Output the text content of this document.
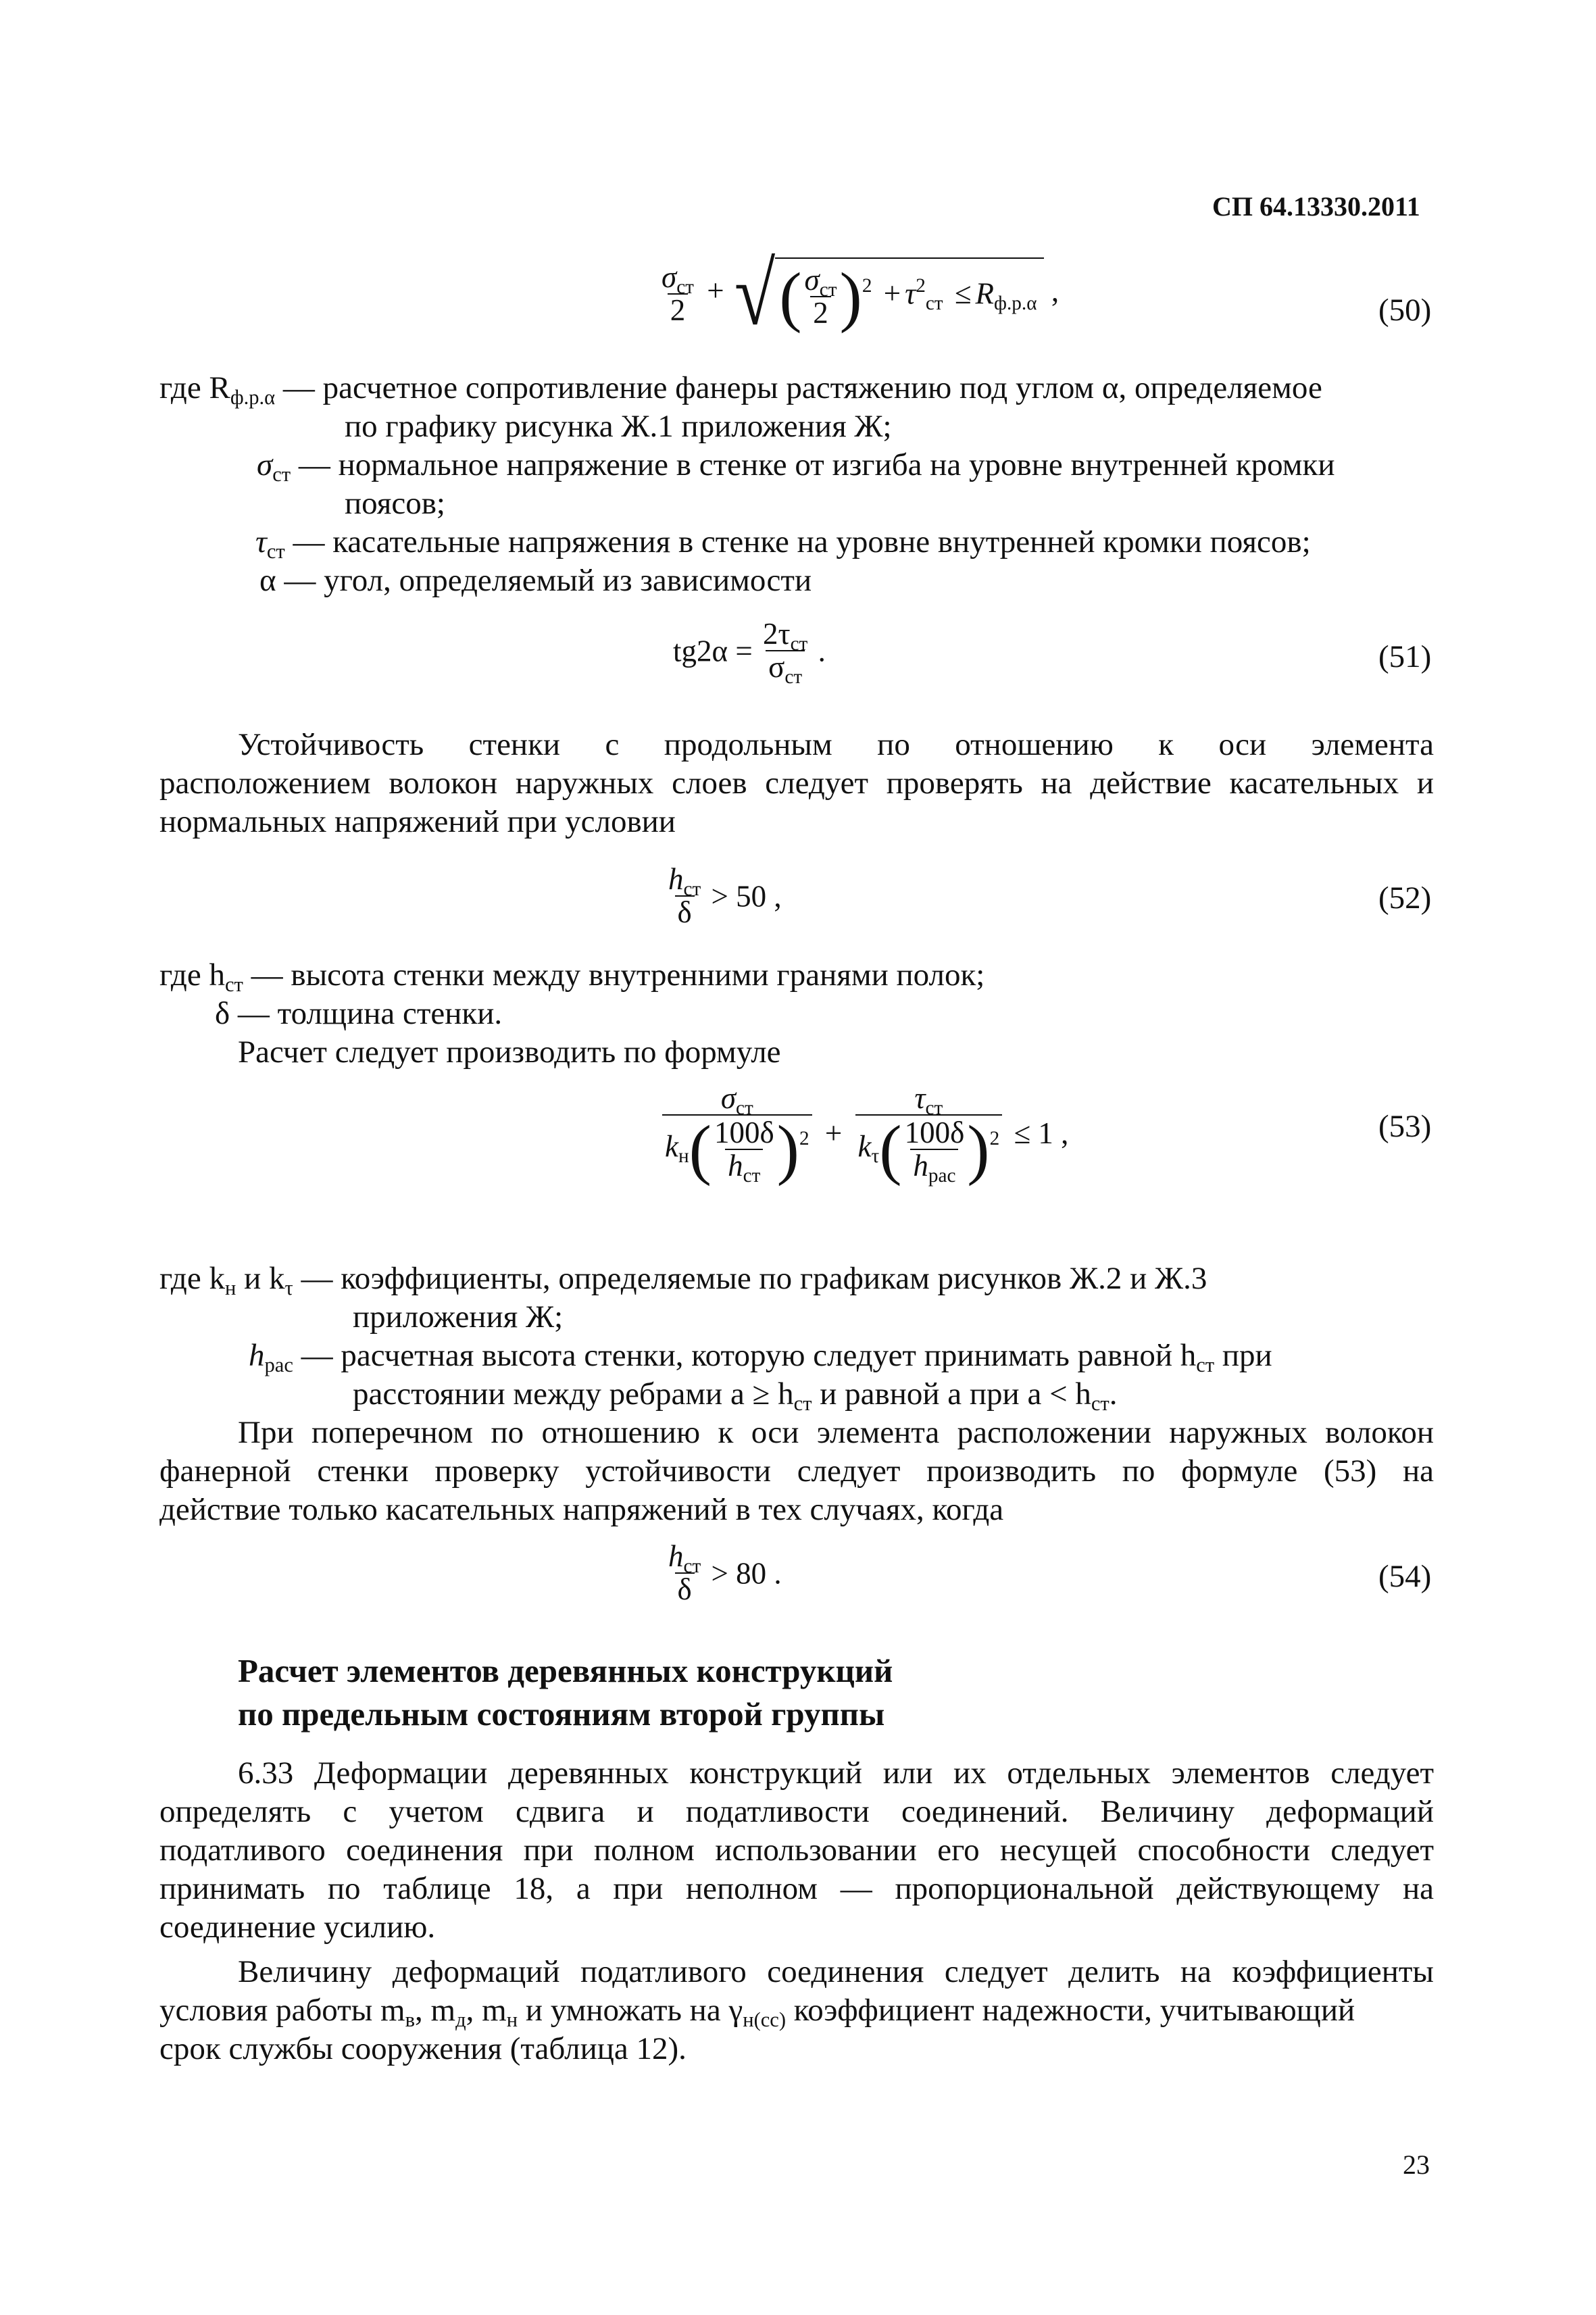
СП 64.13330.2011
$\frac{\sigma_{ст}}{2}$ + √( $\frac{\sigma_{ст}}{2} )^2 + \tau^2_{ст} \le R_{ф.р.\alpha}$ ,
(50)
где $R_{ф.р.\alpha}$ — расчетное сопротивление фанеры растяжению под углом α, определяемое
по графику рисунка Ж.1 приложения Ж;
$\sigma_{ст}$ — нормальное напряжение в стенке от изгиба на уровне внутренней кромки
поясов;
$\tau_{ст}$ — касательные напряжения в стенке на уровне внутренней кромки поясов;
α — угол, определяемый из зависимости
$tg2\alpha = \frac{2\tau_{ст}}{\sigma_{ст}}$ .	(51)
Устойчивость стенки с продольным по отношению к оси элемента
расположением волокон наружных слоев следует проверять на действие касательных и
нормальных напряжений при условии
$\frac{h_{ст}}{\delta} > 50$ ,	(52)
где $h_{ст}$ — высота стенки между внутренними гранями полок;
δ — толщина стенки.
Расчет следует производить по формуле
$\frac{\sigma_{ст}}{k_н( \frac{100\delta}{h_{ст}} )^2} + \frac{\tau_{ст}}{k_\tau( \frac{100\delta}{h_{рас}} )^2} \le 1$ ,	(53)
где $k_н$ и $k_\tau$ — коэффициенты, определяемые по графикам рисунков Ж.2 и Ж.3
приложения Ж;
$h_{рас}$ — расчетная высота стенки, которую следует принимать равной $h_{ст}$ при
расстоянии между ребрами $a \ge h_{ст}$ и равной a при $a < h_{ст}$.
При поперечном по отношению к оси элемента расположении наружных волокон
фанерной стенки проверку устойчивости следует производить по формуле (53) на
действие только касательных напряжений в тех случаях, когда
$\frac{h_{ст}}{\delta} > 80$ .	(54)
Расчет элементов деревянных конструкций
по предельным состояниям второй группы
6.33 Деформации деревянных конструкций или их отдельных элементов следует
определять с учетом сдвига и податливости соединений. Величину деформаций
податливого соединения при полном использовании его несущей способности следует
принимать по таблице 18, а при неполном — пропорциональной действующему на
соединение усилию.
Величину деформаций податливого соединения следует делить на коэффициенты
условия работы $m_в$, $m_д$, $m_н$ и умножать на $\gamma_{н(сс)}$ коэффициент надежности, учитывающий
срок службы сооружения (таблица 12).
23
